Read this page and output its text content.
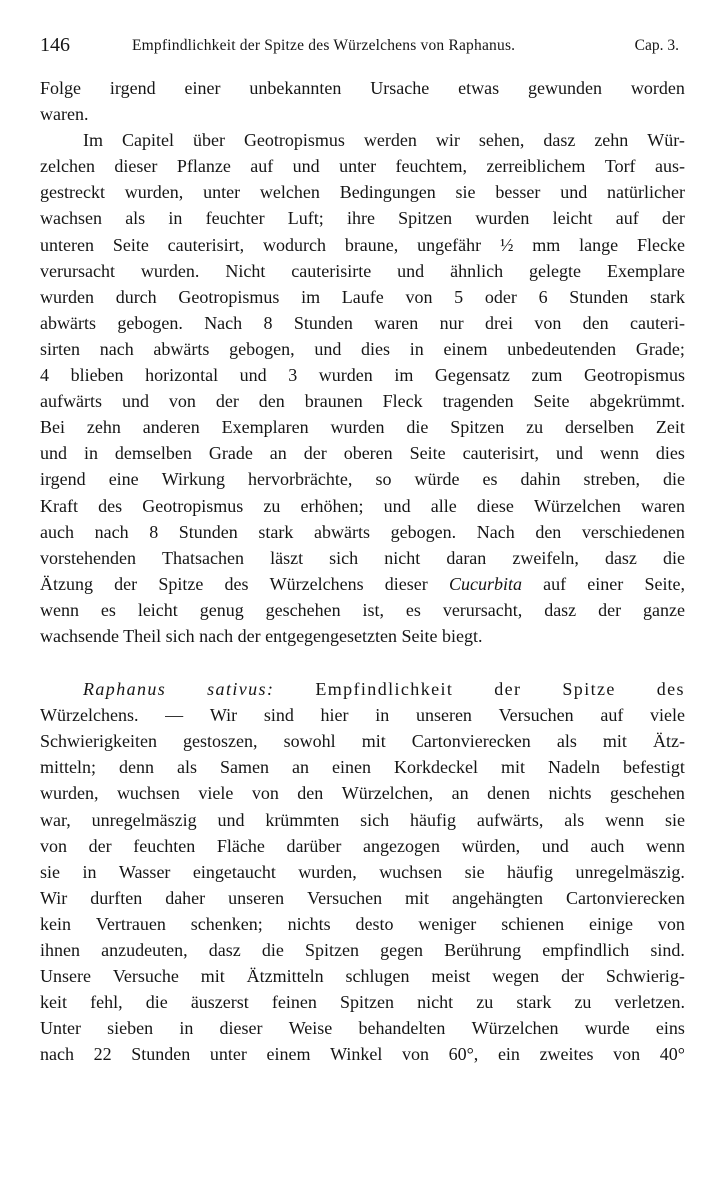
146	Empfindlichkeit der Spitze des Würzelchens von Raphanus.	Cap. 3.
Folge irgend einer unbekannten Ursache etwas gewunden worden
waren.
Im Capitel über Geotropismus werden wir sehen, dasz zehn Wür-
zelchen dieser Pflanze auf und unter feuchtem, zerreiblichem Torf aus-
gestreckt wurden, unter welchen Bedingungen sie besser und natürlicher
wachsen als in feuchter Luft; ihre Spitzen wurden leicht auf der
unteren Seite cauterisirt, wodurch braune, ungefähr ½ mm lange Flecke
verursacht wurden. Nicht cauterisirte und ähnlich gelegte Exemplare
wurden durch Geotropismus im Laufe von 5 oder 6 Stunden stark
abwärts gebogen. Nach 8 Stunden waren nur drei von den cauteri-
sirten nach abwärts gebogen, und dies in einem unbedeutenden Grade;
4 blieben horizontal und 3 wurden im Gegensatz zum Geotropismus
aufwärts und von der den braunen Fleck tragenden Seite abgekrümmt.
Bei zehn anderen Exemplaren wurden die Spitzen zu derselben Zeit
und in demselben Grade an der oberen Seite cauterisirt, und wenn dies
irgend eine Wirkung hervorbrächte, so würde es dahin streben, die
Kraft des Geotropismus zu erhöhen; und alle diese Würzelchen waren
auch nach 8 Stunden stark abwärts gebogen. Nach den verschiedenen
vorstehenden Thatsachen läszt sich nicht daran zweifeln, dasz die
Ätzung der Spitze des Würzelchens dieser Cucurbita auf einer Seite,
wenn es leicht genug geschehen ist, es verursacht, dasz der ganze
wachsende Theil sich nach der entgegengesetzten Seite biegt.
Raphanus sativus: Empfindlichkeit der Spitze des
Würzelchens. — Wir sind hier in unseren Versuchen auf viele
Schwierigkeiten gestoszen, sowohl mit Cartonvierecken als mit Ätz-
mitteln; denn als Samen an einen Korkdeckel mit Nadeln befestigt
wurden, wuchsen viele von den Würzelchen, an denen nichts geschehen
war, unregelmäszig und krümmten sich häufig aufwärts, als wenn sie
von der feuchten Fläche darüber angezogen würden, und auch wenn
sie in Wasser eingetaucht wurden, wuchsen sie häufig unregelmäszig.
Wir durften daher unseren Versuchen mit angehängten Cartonvierecken
kein Vertrauen schenken; nichts desto weniger schienen einige von
ihnen anzudeuten, dasz die Spitzen gegen Berührung empfindlich sind.
Unsere Versuche mit Ätzmitteln schlugen meist wegen der Schwierig-
keit fehl, die äuszerst feinen Spitzen nicht zu stark zu verletzen.
Unter sieben in dieser Weise behandelten Würzelchen wurde eins
nach 22 Stunden unter einem Winkel von 60°, ein zweites von 40°
